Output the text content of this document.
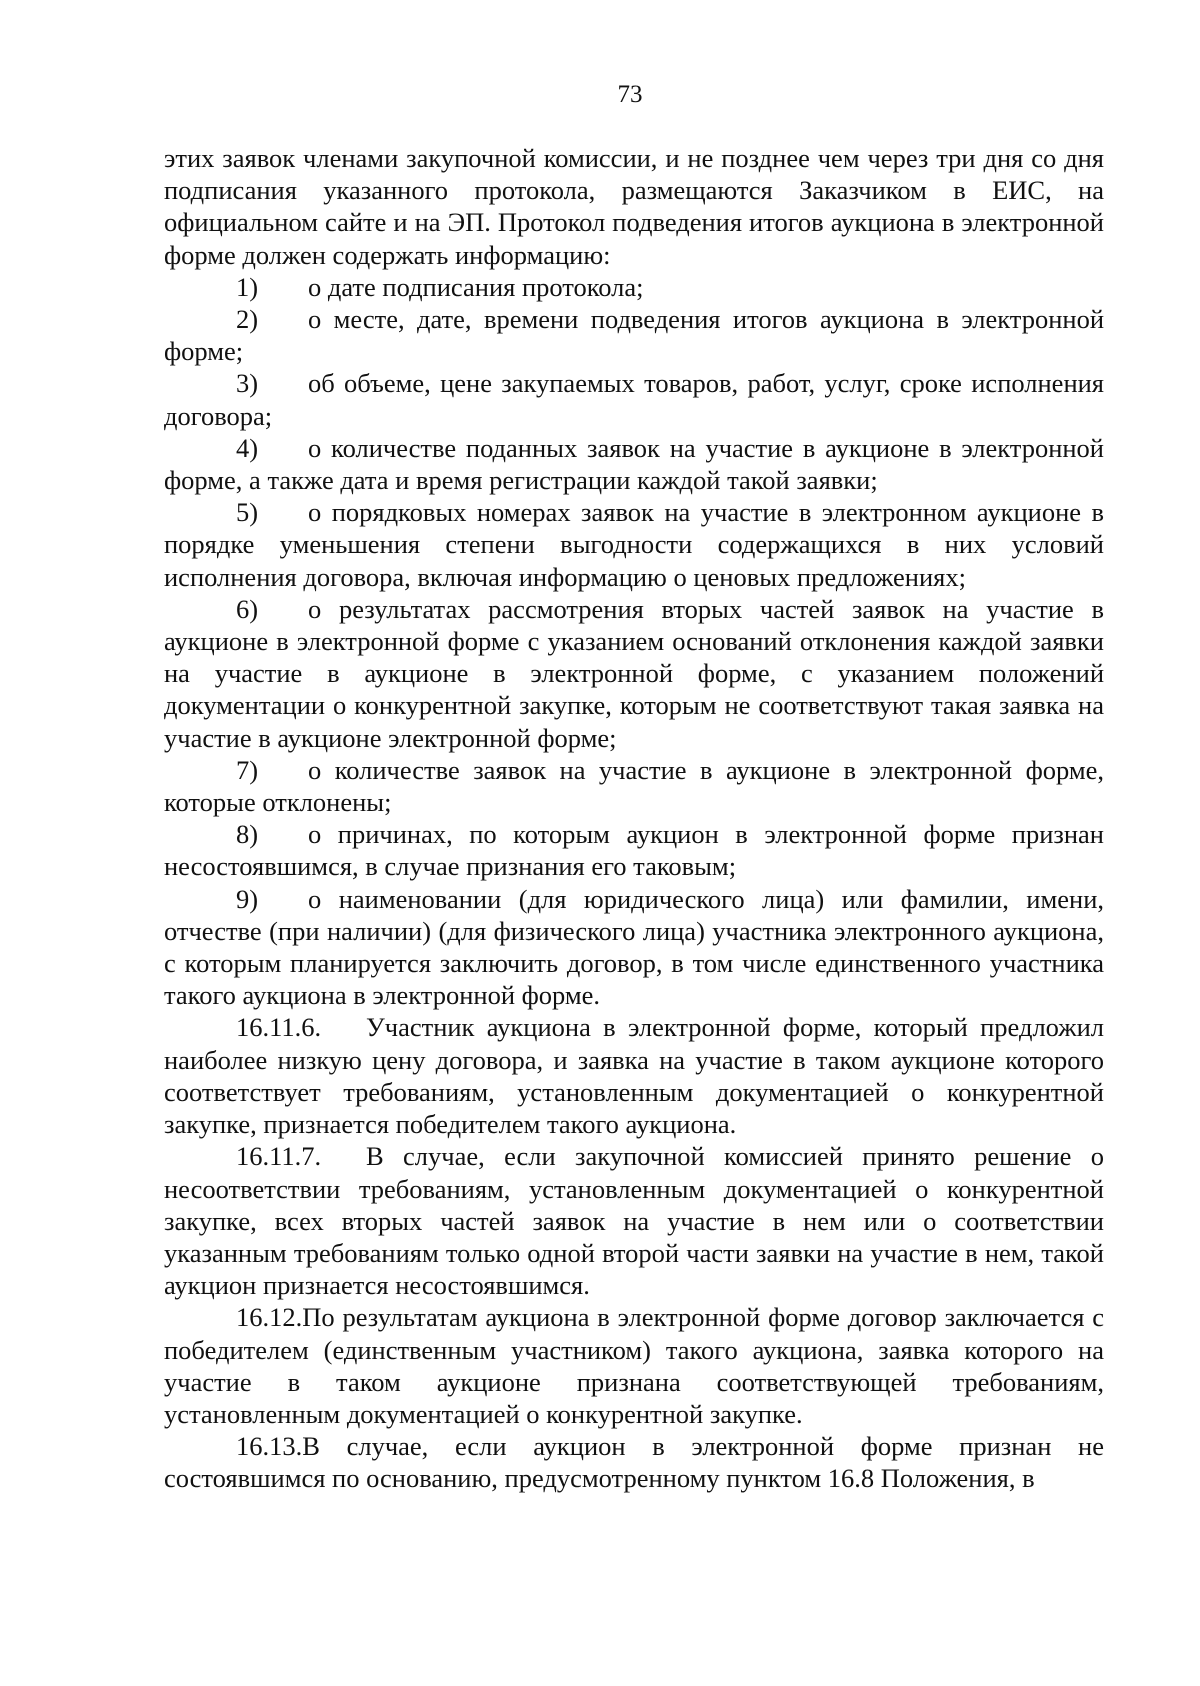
73

этих заявок членами закупочной комиссии, и не позднее чем через три дня со дня подписания указанного протокола, размещаются Заказчиком в ЕИС, на официальном сайте и на ЭП. Протокол подведения итогов аукциона в электронной форме должен содержать информацию:

1) о дате подписания протокола;

2) о месте, дате, времени подведения итогов аукциона в электронной форме;

3) об объеме, цене закупаемых товаров, работ, услуг, сроке исполнения договора;

4) о количестве поданных заявок на участие в аукционе в электронной форме, а также дата и время регистрации каждой такой заявки;

5) о порядковых номерах заявок на участие в электронном аукционе в порядке уменьшения степени выгодности содержащихся в них условий исполнения договора, включая информацию о ценовых предложениях;

6) о результатах рассмотрения вторых частей заявок на участие в аукционе в электронной форме с указанием оснований отклонения каждой заявки на участие в аукционе в электронной форме, с указанием положений документации о конкурентной закупке, которым не соответствуют такая заявка на участие в аукционе электронной форме;

7) о количестве заявок на участие в аукционе в электронной форме, которые отклонены;

8) о причинах, по которым аукцион в электронной форме признан несостоявшимся, в случае признания его таковым;

9) о наименовании (для юридического лица) или фамилии, имени, отчестве (при наличии) (для физического лица) участника электронного аукциона, с которым планируется заключить договор, в том числе единственного участника такого аукциона в электронной форме.

16.11.6. Участник аукциона в электронной форме, который предложил наиболее низкую цену договора, и заявка на участие в таком аукционе которого соответствует требованиям, установленным документацией о конкурентной закупке, признается победителем такого аукциона.

16.11.7. В случае, если закупочной комиссией принято решение о несоответствии требованиям, установленным документацией о конкурентной закупке, всех вторых частей заявок на участие в нем или о соответствии указанным требованиям только одной второй части заявки на участие в нем, такой аукцион признается несостоявшимся.

16.12.По результатам аукциона в электронной форме договор заключается с победителем (единственным участником) такого аукциона, заявка которого на участие в таком аукционе признана соответствующей требованиям, установленным документацией о конкурентной закупке.

16.13.В случае, если аукцион в электронной форме признан не состоявшимся по основанию, предусмотренному пунктом 16.8 Положения, в
